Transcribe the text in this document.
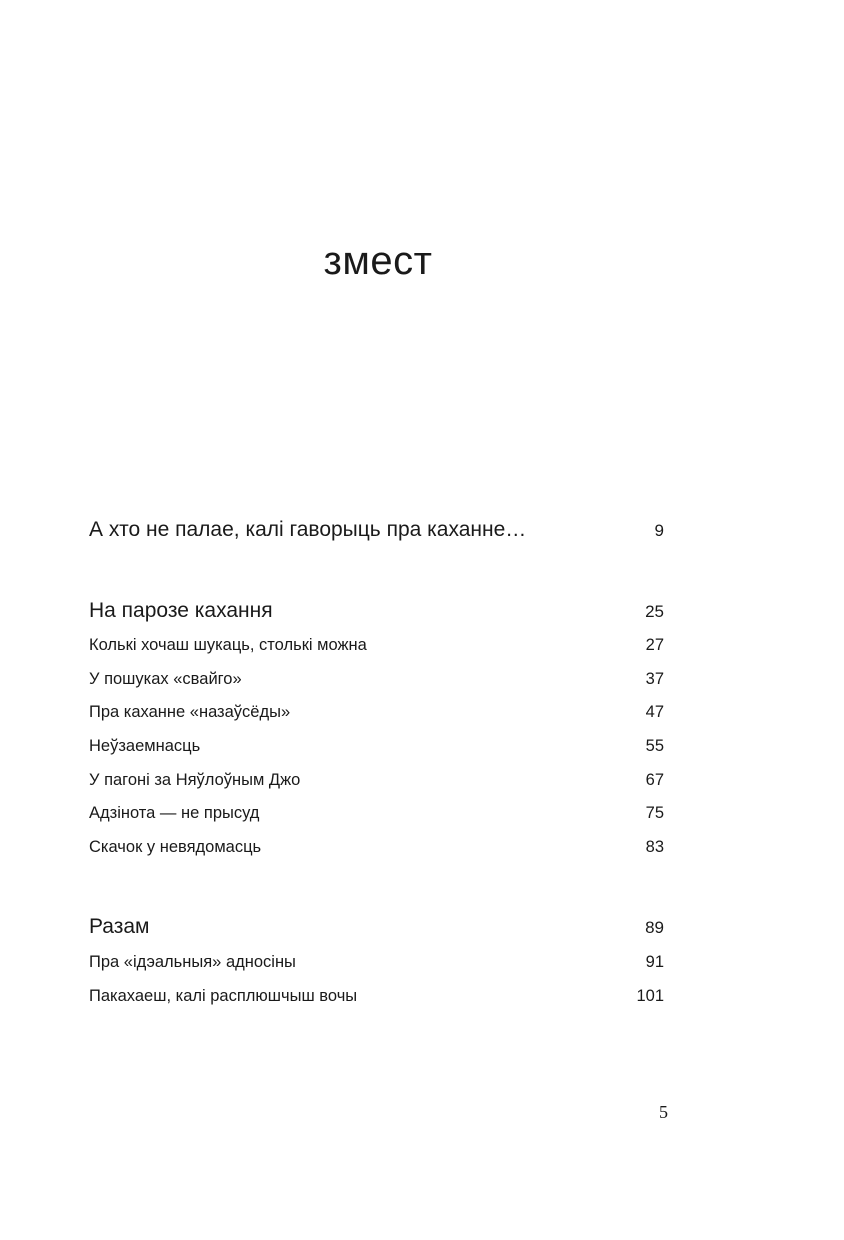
змест
А хто не палае, калі гаворыць пра каханне…	9
На парозе кахання	25
Колькі хочаш шукаць, столькі можна	27
У пошуках «свайго»	37
Пра каханне «назаўсёды»	47
Неўзаемнасць	55
У пагоні за Няўлоўным Джо	67
Адзінота — не прысуд	75
Скачок у невядомасць	83
Разам	89
Пра «ідэальныя» адносіны	91
Пакахаеш, калі расплюшчыш вочы	101
5
